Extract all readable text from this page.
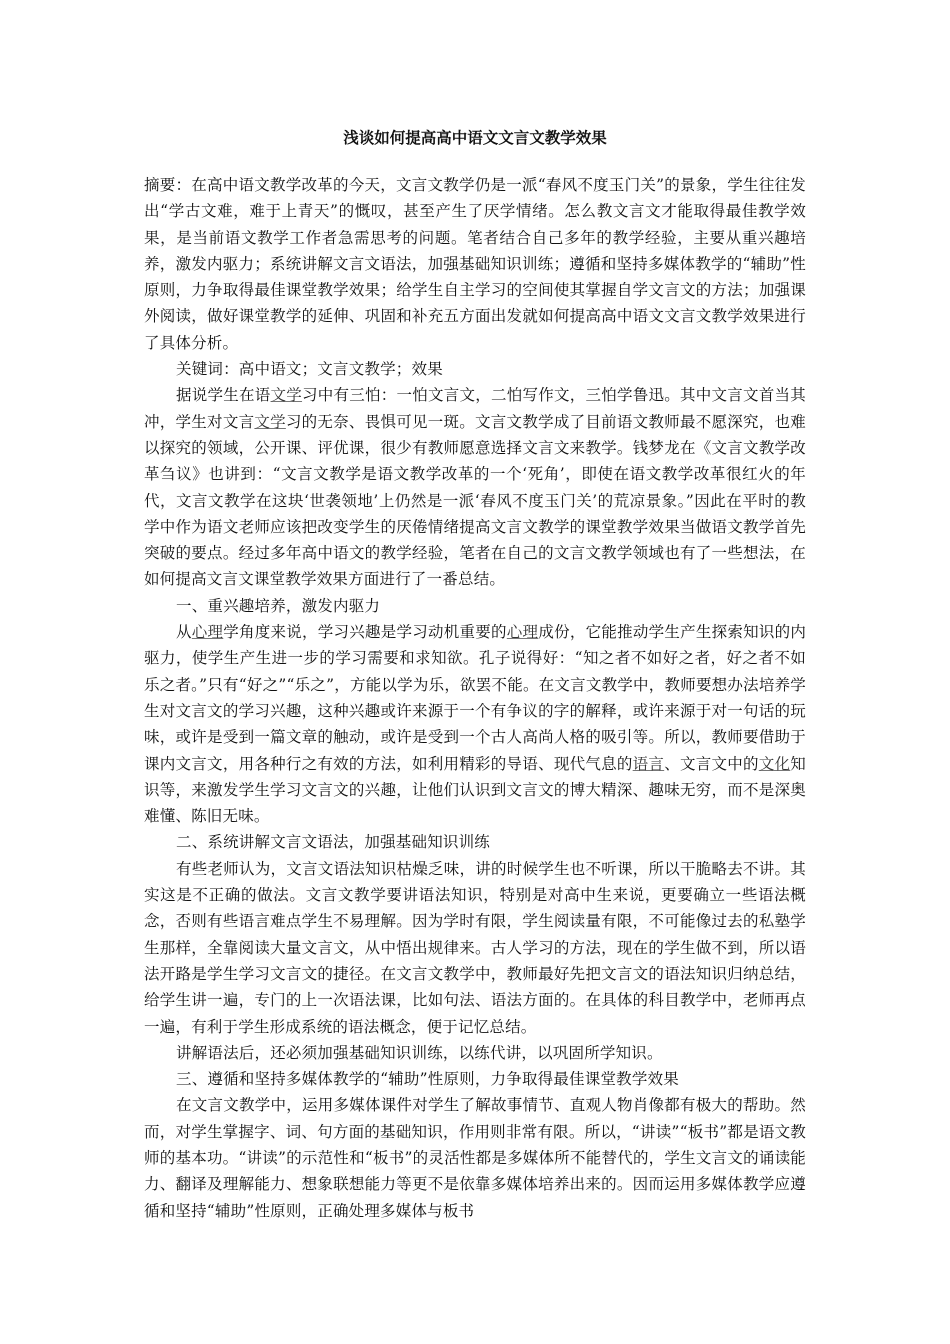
浅谈如何提高高中语文文言文教学效果

摘要：在高中语文教学改革的今天，文言文教学仍是一派“春风不度玉门关”的景象，学生往往发出“学古文难，难于上青天”的慨叹，甚至产生了厌学情绪。怎么教文言文才能取得最佳教学效果，是当前语文教学工作者急需思考的问题。笔者结合自己多年的教学经验，主要从重兴趣培养，激发内驱力；系统讲解文言文语法，加强基础知识训练；遵循和坚持多媒体教学的“辅助”性原则，力争取得最佳课堂教学效果；给学生自主学习的空间使其掌握自学文言文的方法；加强课外阅读，做好课堂教学的延伸、巩固和补充五方面出发就如何提高高中语文文言文教学效果进行了具体分析。

关键词：高中语文；文言文教学；效果

据说学生在语文学习中有三怕：一怕文言文，二怕写作文，三怕学鲁迅。其中文言文首当其冲，学生对文言文学习的无奈、畏惧可见一斑。文言文教学成了目前语文教师最不愿深究，也难以探究的领域，公开课、评优课，很少有教师愿意选择文言文来教学。钱梦龙在《文言文教学改革刍议》也讲到：“文言文教学是语文教学改革的一个‘死角’，即使在语文教学改革很红火的年代，文言文教学在这块‘世袭领地’上仍然是一派‘春风不度玉门关’的荒凉景象。”因此在平时的教学中作为语文老师应该把改变学生的厌倦情绪提高文言文教学的课堂教学效果当做语文教学首先突破的要点。经过多年高中语文的教学经验，笔者在自己的文言文教学领域也有了一些想法，在如何提高文言文课堂教学效果方面进行了一番总结。

一、重兴趣培养，激发内驱力

从心理学角度来说，学习兴趣是学习动机重要的心理成份，它能推动学生产生探索知识的内驱力，使学生产生进一步的学习需要和求知欲。孔子说得好：“知之者不如好之者，好之者不如乐之者。”只有“好之”“乐之”，方能以学为乐，欲罢不能。在文言文教学中，教师要想办法培养学生对文言文的学习兴趣，这种兴趣或许来源于一个有争议的字的解释，或许来源于对一句话的玩味，或许是受到一篇文章的触动，或许是受到一个古人高尚人格的吸引等。所以，教师要借助于课内文言文，用各种行之有效的方法，如利用精彩的导语、现代气息的语言、文言文中的文化知识等，来激发学生学习文言文的兴趣，让他们认识到文言文的博大精深、趣味无穷，而不是深奥难懂、陈旧无味。

二、系统讲解文言文语法，加强基础知识训练

有些老师认为，文言文语法知识枯燥乏味，讲的时候学生也不听课，所以干脆略去不讲。其实这是不正确的做法。文言文教学要讲语法知识，特别是对高中生来说，更要确立一些语法概念，否则有些语言难点学生不易理解。因为学时有限，学生阅读量有限，不可能像过去的私塾学生那样，全靠阅读大量文言文，从中悟出规律来。古人学习的方法，现在的学生做不到，所以语法开路是学生学习文言文的捷径。在文言文教学中，教师最好先把文言文的语法知识归纳总结，给学生讲一遍，专门的上一次语法课，比如句法、语法方面的。在具体的科目教学中，老师再点一遍，有利于学生形成系统的语法概念，便于记忆总结。

讲解语法后，还必须加强基础知识训练，以练代讲，以巩固所学知识。

三、遵循和坚持多媒体教学的“辅助”性原则，力争取得最佳课堂教学效果

在文言文教学中，运用多媒体课件对学生了解故事情节、直观人物肖像都有极大的帮助。然而，对学生掌握字、词、句方面的基础知识，作用则非常有限。所以，“讲读”“板书”都是语文教师的基本功。“讲读”的示范性和“板书”的灵活性都是多媒体所不能替代的，学生文言文的诵读能力、翻译及理解能力、想象联想能力等更不是依靠多媒体培养出来的。因而运用多媒体教学应遵循和坚持“辅助”性原则，正确处理多媒体与板书
